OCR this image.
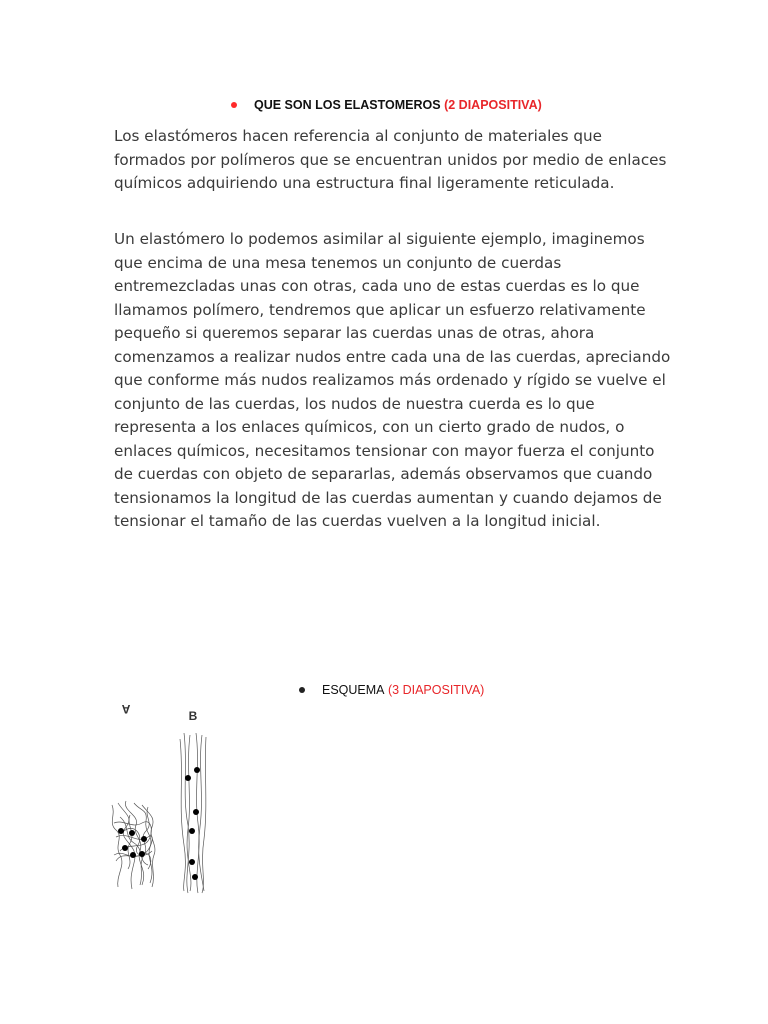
QUE SON LOS ELASTOMEROS
(2 DIAPOSITIVA)

Los elastómeros hacen referencia al conjunto de materiales que formados por polímeros que se encuentran unidos por medio de enlaces químicos adquiriendo una estructura final ligeramente reticulada.

Un elastómero lo podemos asimilar al siguiente ejemplo, imaginemos que encima de una mesa tenemos un conjunto de cuerdas entremezcladas unas con otras, cada uno de estas cuerdas es lo que llamamos polímero, tendremos que aplicar un esfuerzo relativamente pequeño si queremos separar las cuerdas unas de otras, ahora comenzamos a realizar nudos entre cada una de las cuerdas, apreciando que conforme más nudos realizamos más ordenado y rígido se vuelve el conjunto de las cuerdas, los nudos de nuestra cuerda es lo que representa a los enlaces químicos, con un cierto grado de nudos, o enlaces químicos, necesitamos tensionar con mayor fuerza el conjunto de cuerdas con objeto de separarlas, además observamos que cuando tensionamos la longitud de las cuerdas aumentan y cuando dejamos de tensionar el tamaño de las cuerdas vuelven a la longitud inicial.

ESQUEMA
(3 DIAPOSITIVA)
A	B
